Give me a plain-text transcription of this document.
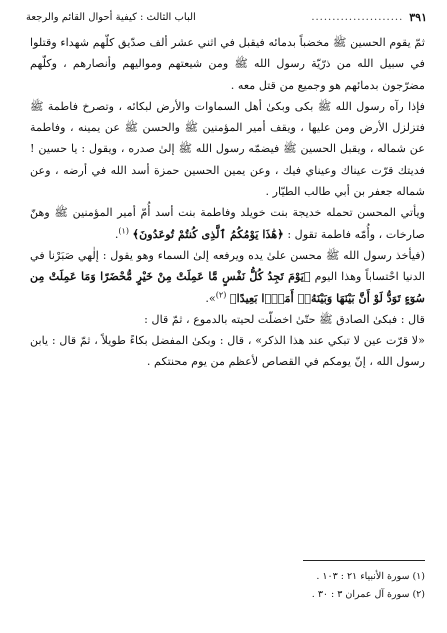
٣٩١
......................
الباب الثالث : كيفية أحوال القائم والرجعة

ثمّ يقوم الحسين ﷺ مخضباً بدمائه فيقبل في اثني عشر ألف صدّيق كلّهم شهداء وقتلوا في سبيل الله من ذرّيّة رسول الله ﷺ ومن شيعتهم ومواليهم وأنصارهم ، وكلّهم مضرّجون بدمائهم هو وجميع من قتل معه .

فإذا رآه رسول الله ﷺ بكى وبكىٰ أهل السماوات والأرض لبكائه ، وتصرخ فاطمة ﷺ فتزلزل الأرض ومن عليها ، ويقف أمير المؤمنين ﷺ والحسن ﷺ عن يمينه ، وفاطمة عن شماله ، ويقبل الحسين ﷺ فيضمّه رسول الله ﷺ إلىٰ صدره ، ويقول : يا حسين ! فديتك قرّت عيناك وعيناي فيك ، وعن يمين الحسين حمزة أسد الله في أرضه ، وعن شماله جعفر بن أبي طالب الطيّار .

ويأتي المحسن تحمله خديجة بنت خويلد وفاطمة بنت أسد أُمّ أمير المؤمنين ﷺ وهنّ صارخات ، وأُمّه فاطمة تقول : ﴿هَٰذَا يَوْمُكُمُ ٱلَّذِى كُنتُمْ تُوعَدُونَ﴾ $^{(١)}$.

(فيأخذ رسول الله ﷺ محسن علىٰ يده ويرفعه إلىٰ السماء وهو يقول : إلٰهي صَبَرْنا في الدنيا احْتساباً وهذا اليوم ﴿يَوْمَ تَجِدُ كُلُّ نَفْسٍ مَّا عَمِلَتْ مِنْ خَيْرٍ مُّحْضَرًا وَمَا عَمِلَتْ مِن سُوٓءٍ تَوَدُّ لَوْ أَنَّ بَيْنَهَا وَبَيْنَهُۥٓ أَمَدًۢا بَعِيدًا﴾ $^{(٢)}$».

قال : فبكىٰ الصادق ﷺ حتّىٰ اخضلّت لحيته بالدموع ، ثمّ قال :

«لا قرّت عين لا تبكي عند هذا الذكر» ، قال : وبكىٰ المفضل بكاءً طويلاً ، ثمّ قال : يابن رسول الله ، إنّ يومكم في القصاص لأعظم من يوم محنتكم .

(١) سورة الأنبياء ٢١ : ١٠٣ .
(٢) سورة آل عمران ٣ : ٣٠ .
